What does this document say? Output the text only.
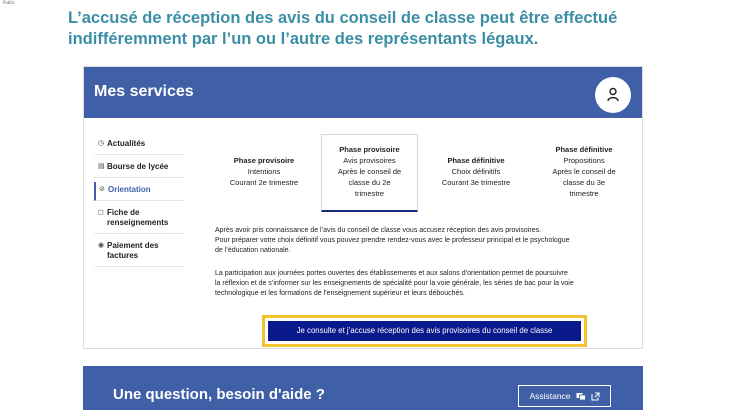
Public
L’accusé de réception des avis du conseil de classe peut être effectué
indifféremment par l’un ou l’autre des représentants légaux.
Mes services
◷ Actualités
▤ Bourse de lycée
⊘ Orientation
◻ Fiche de renseignements
◉ Paiement des factures
Phase provisoire
Intentions
Courant 2e trimestre
Phase provisoire
Avis provisoires
Après le conseil de
classe du 2e
trimestre
Phase définitive
Choix définitifs
Courant 3e trimestre
Phase définitive
Propositions
Après le conseil de
classe du 3e
trimestre
Après avoir pris connaissance de l’avis du conseil de classe vous accusez réception des avis provisoires.
Pour préparer votre choix définitif vous pouvez prendre rendez-vous avec le professeur principal et le psychologue
de l’éducation nationale.
La participation aux journées portes ouvertes des établissements et aux salons d’orientation permet de poursuivre
la réflexion et de s’informer sur les enseignements de spécialité pour la voie générale, les séries de bac pour la voie
technologique et les formations de l’enseignement supérieur et leurs débouchés.
Je consulte et j’accuse réception des avis provisoires du conseil de classe
Une question, besoin d'aide ?	Assistance
